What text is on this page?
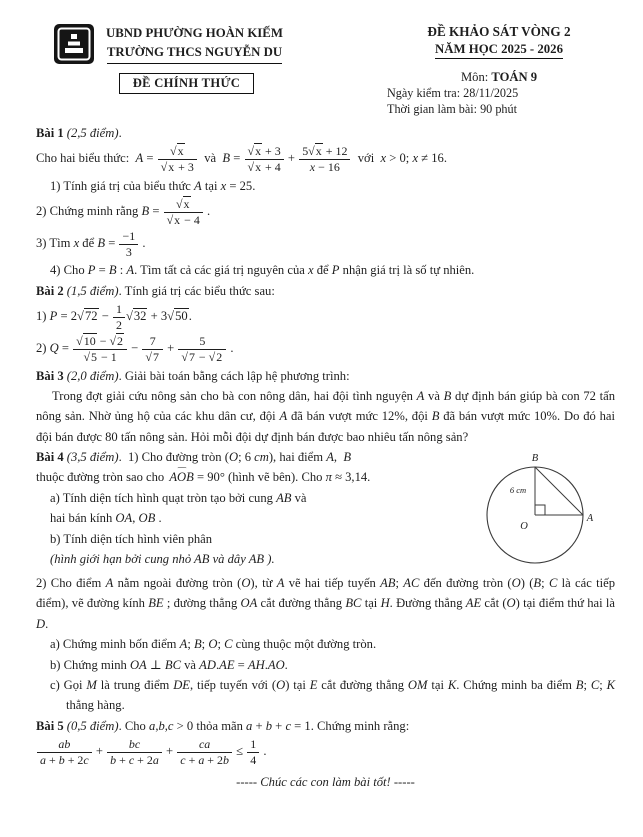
UBND PHƯỜNG HOÀN KIẾM
TRƯỜNG THCS NGUYỄN DU
ĐỀ CHÍNH THỨC
ĐỀ KHẢO SÁT VÒNG 2
NĂM HỌC 2025 - 2026
Môn: TOÁN 9
Ngày kiểm tra: 28/11/2025
Thời gian làm bài: 90 phút
Bài 1 (2,5 điểm).
Cho hai biểu thức:  A = √ x
√ x + 3 và  B = √ x + 3
√ $x + 4 + \frac{5 √ x + 12}{x - 16}$ với  x > 0; x ≠ 16.
1) Tính giá trị của biểu thức A tại x = 25.
2) Chứng minh rằng B = √ x
√ x − 4 .
3) Tìm x để $B = \frac{-1}{3}$ .
4) Cho P = B : A. Tìm tất cả các giá trị nguyên của x để P nhận giá trị là số tự nhiên.
Bài 2 (1,5 điểm). Tính giá trị các biểu thức sau:
1) P = 2 √ $72 - \frac{1}{2}$ √ 32 + 3 √ 50.
2) Q = √ 10 − √ 2
√ 5 − 1 − 7
√ 7 + 5
√ 7 − √ 2 .
Bài 3 (2,0 điểm). Giải bài toán bằng cách lập hệ phương trình:
Trong đợt giải cứu nông sản cho bà con nông dân, hai đội tình nguyện A và B dự định bán giúp bà con 72 tấn nông sản. Nhờ ủng hộ của các khu dân cư, đội A đã bán vượt mức 12%, đội B đã bán vượt mức 10%. Do đó hai đội bán được 80 tấn nông sản. Hỏi mỗi đội dự định bán được bao nhiêu tấn nông sản?
Bài 4 (3,5 điểm).  1) Cho đường tròn (O; 6 cm), hai điểm A,  B
thuộc đường tròn sao cho ⌢ AOB = 90° (hình vẽ bên). Cho π ≈ 3,14.
a) Tính diện tích hình quạt tròn tạo bởi cung AB và
hai bán kính OA, OB .
b) Tính diện tích hình viên phân
(hình giới hạn bởi cung nhỏ AB và dây AB ).
B
6 cm
O
A
2) Cho điểm A nằm ngoài đường tròn (O), từ A vẽ hai tiếp tuyến AB; AC đến đường tròn (O) (B; C là các tiếp điểm), vẽ đường kính BE ; đường thẳng OA cắt đường thẳng BC tại H. Đường thẳng AE cắt (O) tại điểm thứ hai là D.
a) Chứng minh bốn điểm A; B; O; C cùng thuộc một đường tròn.
b) Chứng minh OA ⊥ BC và AD.AE = AH.AO.
c) Gọi M là trung điểm DE, tiếp tuyến với (O) tại E cắt đường thẳng OM tại K. Chứng minh ba điểm B; C; K thẳng hàng.
Bài 5 (0,5 điểm). Cho a,b,c > 0 thỏa mãn a + b + c = 1. Chứng minh rằng:
$\frac{ab}{a + b + 2c} + \frac{bc}{b + c + 2a} + \frac{ca}{c + a + 2b} \le \frac{1}{4}$ .
----- Chúc các con làm bài tốt! -----
